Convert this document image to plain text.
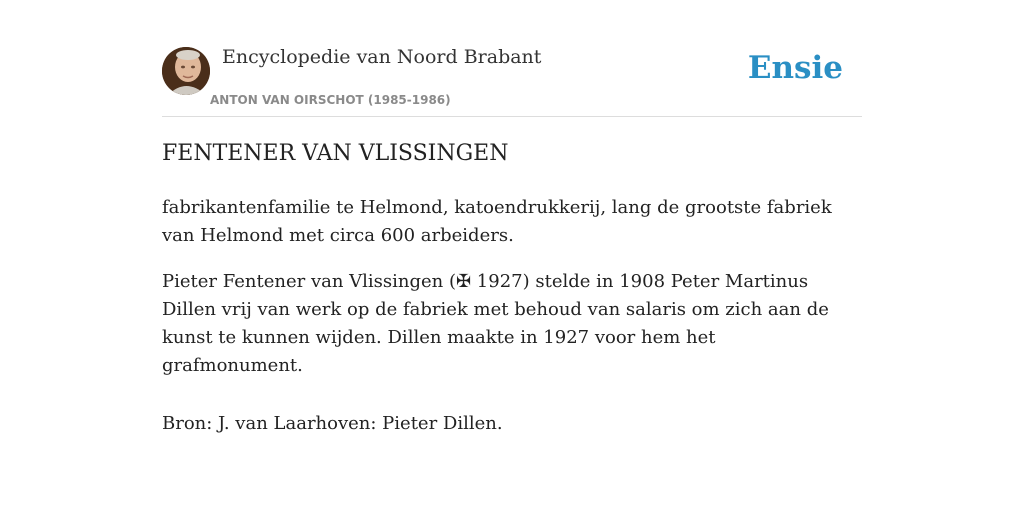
Encyclopedie van Noord Brabant
ANTON VAN OIRSCHOT (1985-1986)
Ensie
FENTENER VAN VLISSINGEN

fabrikantenfamilie te Helmond, katoendrukkerij, lang de grootste fabriek van Helmond met circa 600 arbeiders.

Pieter Fentener van Vlissingen (✠ 1927) stelde in 1908 Peter Martinus Dillen vrij van werk op de fabriek met behoud van salaris om zich aan de kunst te kunnen wijden. Dillen maakte in 1927 voor hem het grafmonument.

Bron: J. van Laarhoven: Pieter Dillen.
